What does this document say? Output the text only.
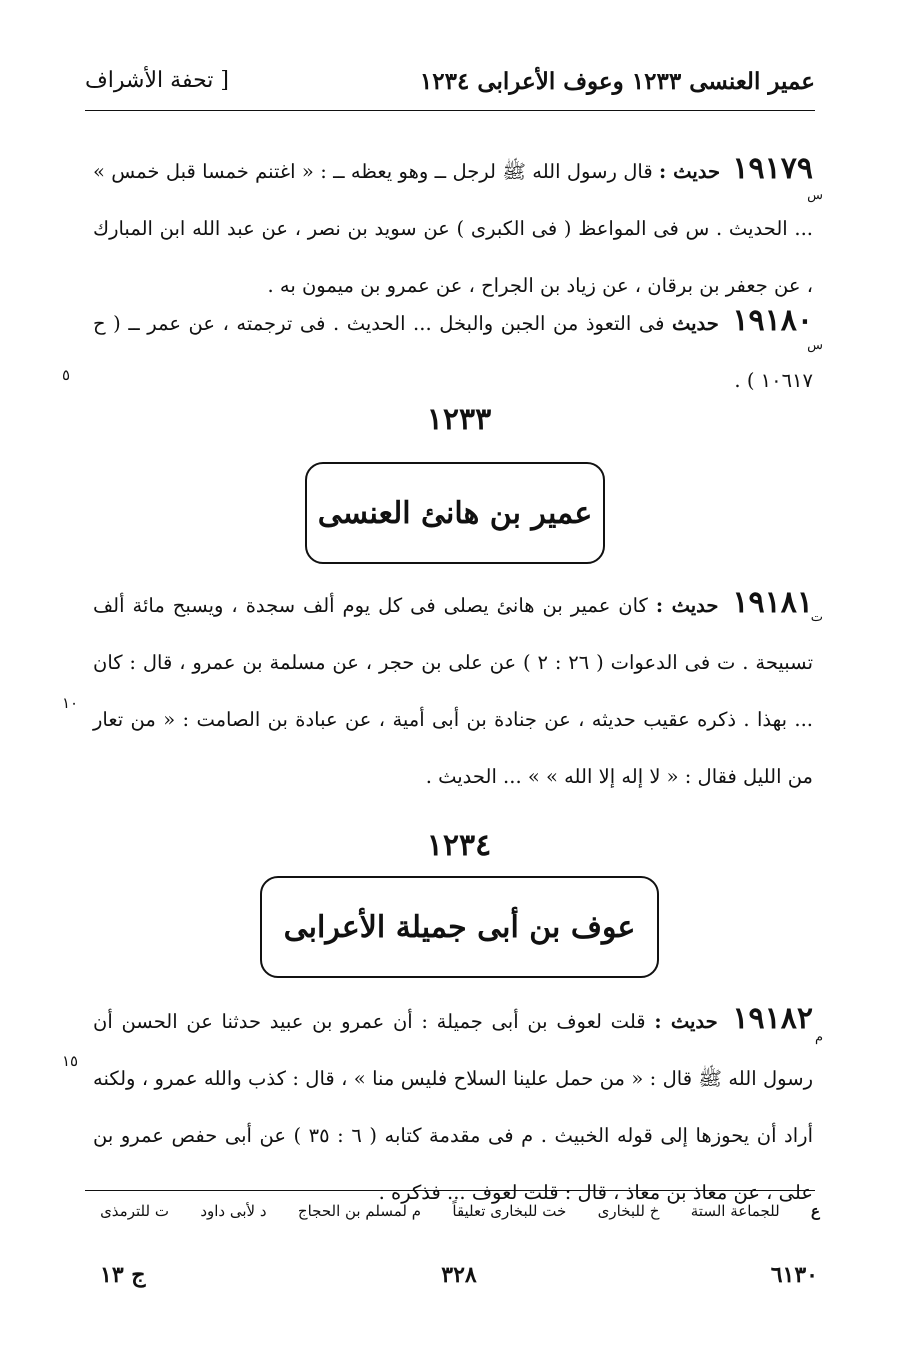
عمير العنسى ١٢٣٣ وعوف الأعرابى ١٢٣٤
[ تحفة الأشراف
١٩١٧٩ حديث : قال رسول الله ﷺ لرجل ــ وهو يعظه ــ : « اغتنم خمسا قبل خمس » ... الحديث . س فى المواعظ ( فى الكبرى ) عن سويد بن نصر ، عن عبد الله ابن المبارك ، عن جعفر بن برقان ، عن زياد بن الجراح ، عن عمرو بن ميمون به .
س
١٩١٨٠ حديث فى التعوذ من الجبن والبخل ... الحديث . فى ترجمته ، عن عمر ــ ( ح ١٠٦١٧ ) .
س
٥
١٢٣٣
عمير بن هانئ العنسى
١٩١٨١ حديث : كان عمير بن هانئ يصلى فى كل يوم ألف سجدة ، ويسبح مائة ألف تسبيحة . ت فى الدعوات ( ٢٦ : ٢ ) عن على بن حجر ، عن مسلمة بن عمرو ، قال : كان ... بهذا . ذكره عقيب حديثه ، عن جنادة بن أبى أمية ، عن عبادة بن الصامت : « من تعار من الليل فقال : « لا إله إلا الله » » ... الحديث .
ت
١٠
١٢٣٤
عوف بن أبى جميلة الأعرابى
١٩١٨٢ حديث : قلت لعوف بن أبى جميلة : أن عمرو بن عبيد حدثنا عن الحسن أن رسول الله ﷺ قال : « من حمل علينا السلاح فليس منا » ، قال : كذب والله عمرو ، ولكنه أراد أن يحوزها إلى قوله الخبيث . م فى مقدمة كتابه ( ٦ : ٣٥ ) عن أبى حفص عمرو بن على ، عن معاذ بن معاذ ، قال : قلت لعوف ... فذكره .
م
١٥
ع
للجماعة الستة
خ للبخارى
خت للبخارى تعليقاً
م لمسلم بن الحجاج
د لأبى داود
ت للترمذى
٦١٣٠
٣٢٨
ج ١٣
